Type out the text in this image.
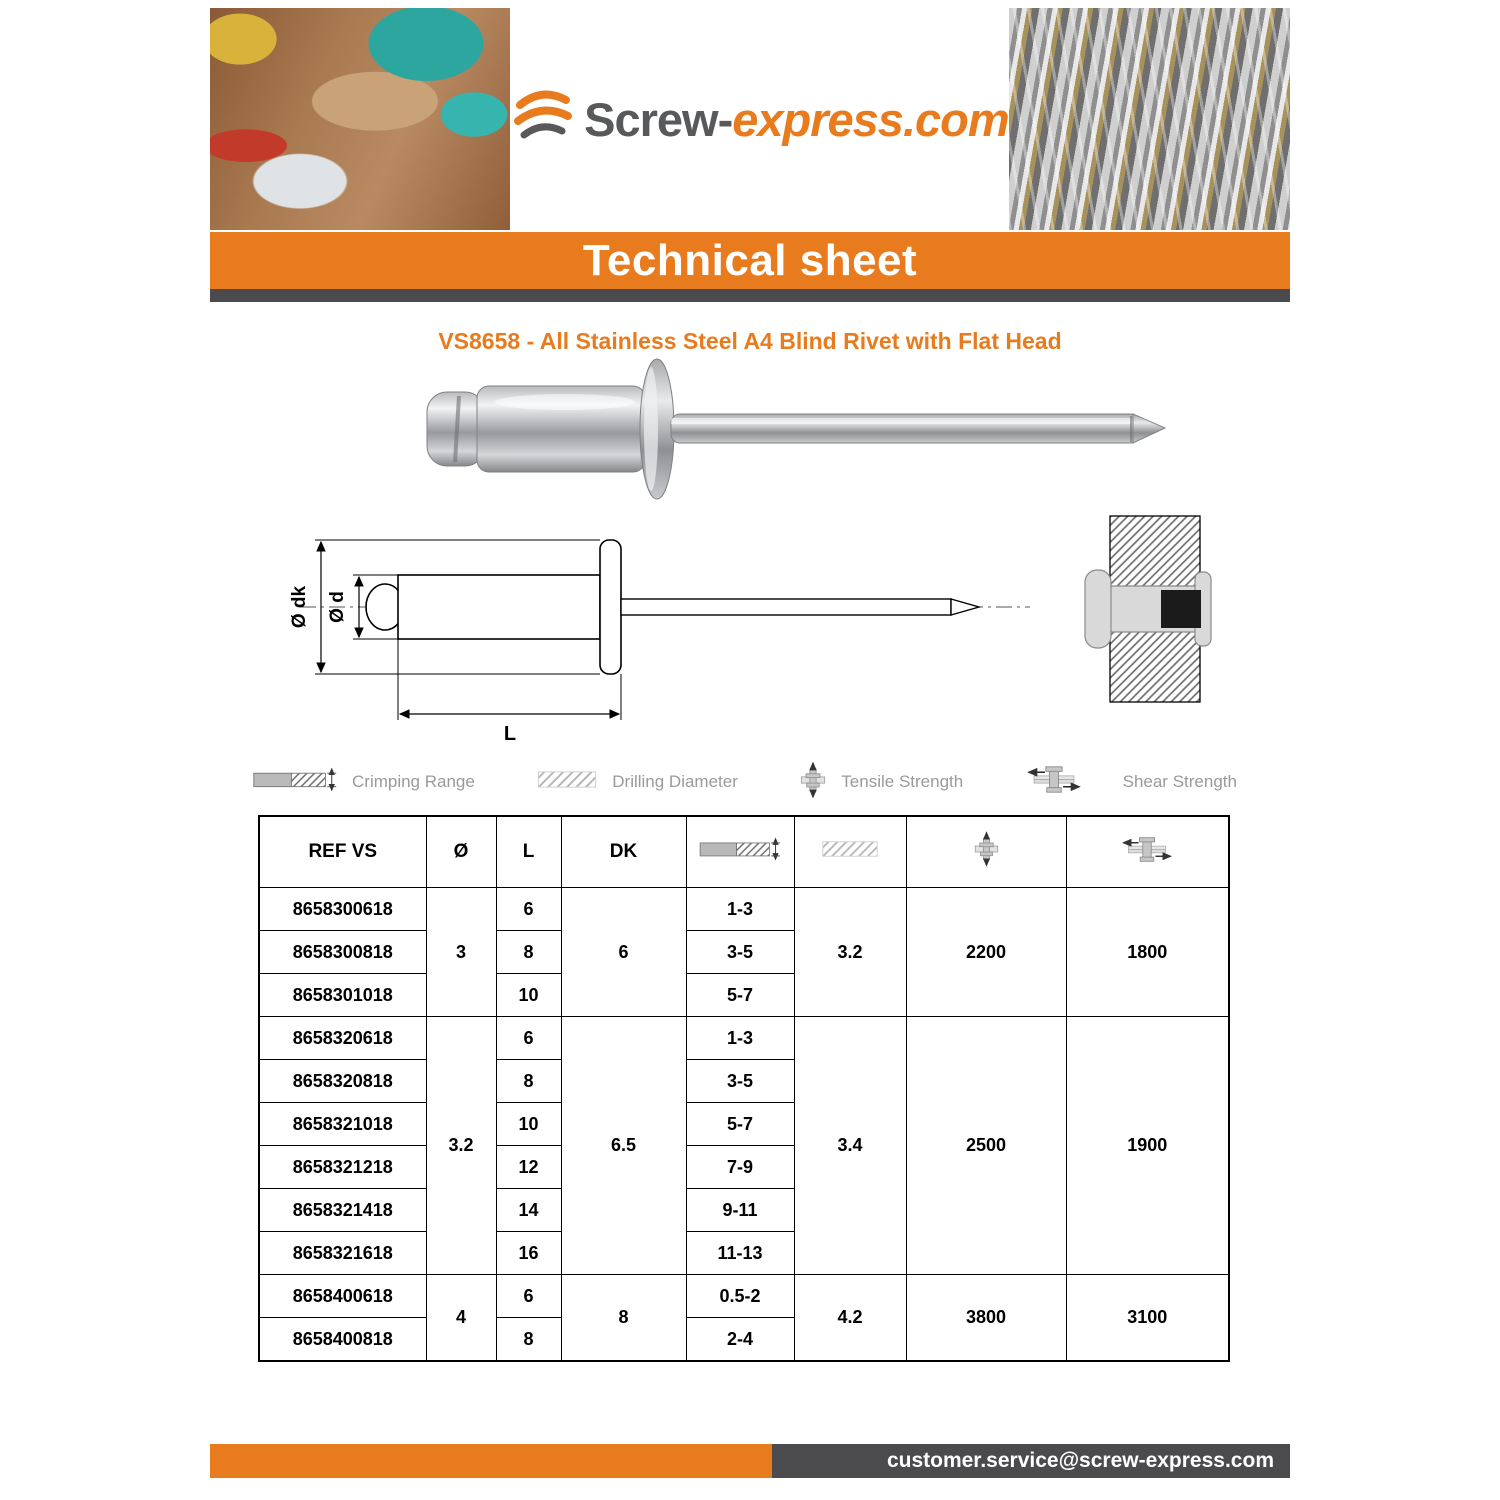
Screw-express.com
Technical sheet
VS8658 - All Stainless Steel A4 Blind Rivet with Flat Head
Ø dk Ø d
L
Crimping Range	Drilling Diameter	Tensile Strength	Shear Strength
REF VS	Ø	L	DK				
8658300618	3	6	6	1-3	3.2	2200	1800
8658300818		8		3-5			
8658301018		10		5-7			
8658320618	3.2	6	6.5	1-3	3.4	2500	1900
8658320818		8		3-5			
8658321018		10		5-7			
8658321218		12		7-9			
8658321418		14		9-11			
8658321618		16		11-13			
8658400618	4	6	8	0.5-2	4.2	3800	3100
8658400818		8		2-4			
customer.service@screw-express.com
